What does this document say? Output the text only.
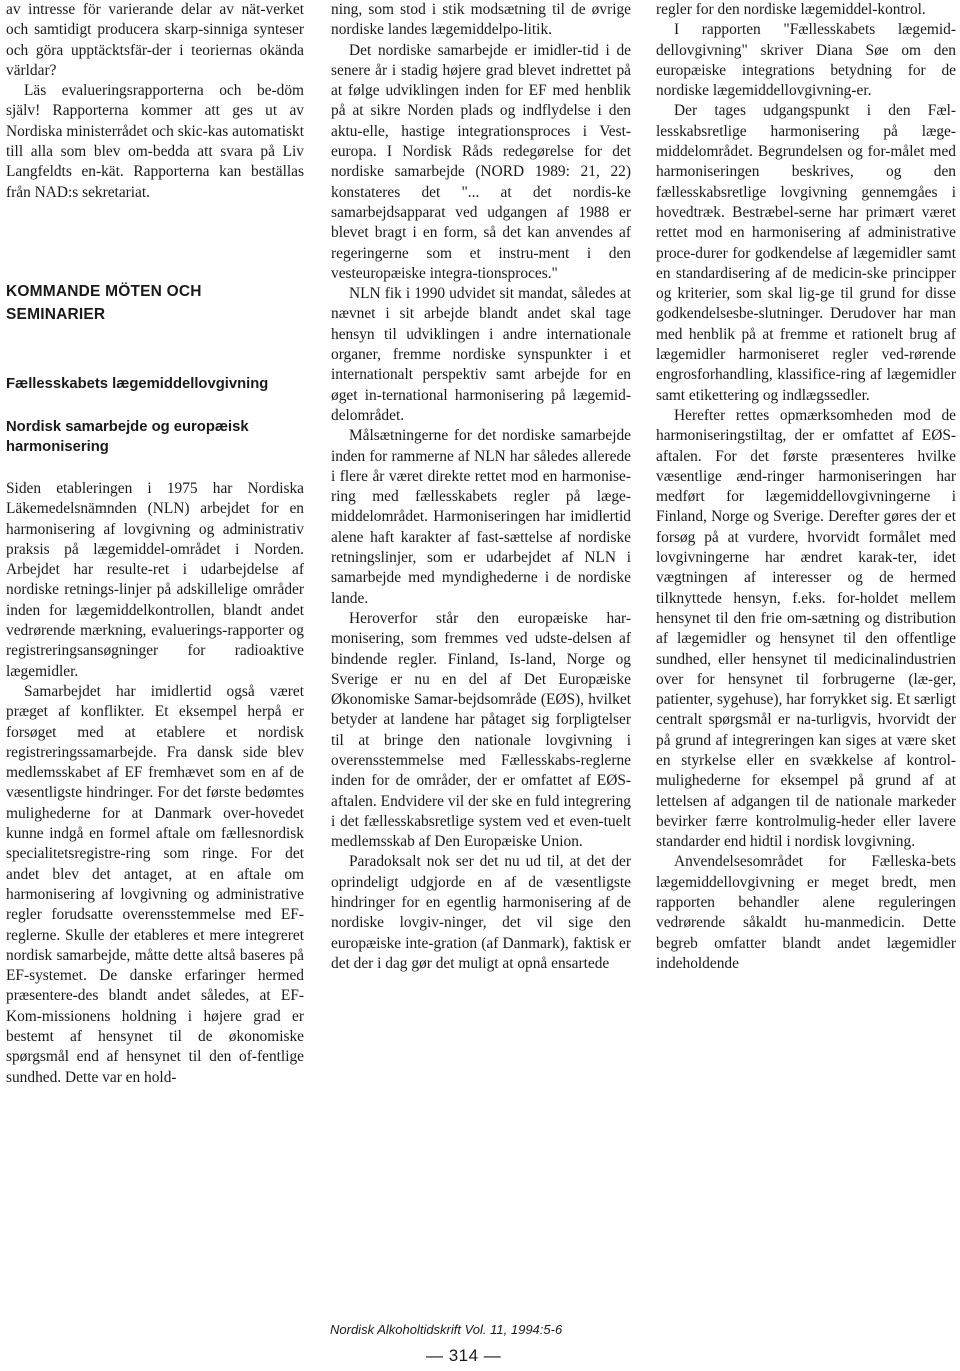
av intresse för varierande delar av nät-verket och samtidigt producera skarp-sinniga synteser och göra upptäcktsfär-der i teoriernas okända världar?

Läs evalueringsrapporterna och be-döm själv! Rapporterna kommer att ges ut av Nordiska ministerrådet och skic-kas automatiskt till alla som blev om-bedda att svara på Liv Langfeldts en-kät. Rapporterna kan beställas från NAD:s sekretariat.

KOMMANDE MÖTEN OCH SEMINARIER

Fællesskabets lægemiddellovgivning

Nordisk samarbejde og europæisk harmonisering

Siden etableringen i 1975 har Nordiska Läkemedelsnämnden (NLN) arbejdet for en harmonisering af lovgivning og administrativ praksis på lægemiddel-området i Norden. Arbejdet har resulte-ret i udarbejdelse af nordiske retnings-linjer på adskillelige områder inden for lægemiddelkontrollen, blandt andet vedrørende mærkning, evaluerings-rapporter og registreringsansøgninger for radioaktive lægemidler.

Samarbejdet har imidlertid også været præget af konflikter. Et eksempel herpå er forsøget med at etablere et nordisk registreringssamarbejde. Fra dansk side blev medlemsskabet af EF fremhævet som en af de væsentligste hindringer. For det første bedømtes mulighederne for at Danmark over-hovedet kunne indgå en formel aftale om fællesnordisk specialitetsregistre-ring som ringe. For det andet blev det antaget, at en aftale om harmonisering af lovgivning og administrative regler forudsatte overensstemmelse med EF-reglerne. Skulle der etableres et mere integreret nordisk samarbejde, måtte dette altså baseres på EF-systemet. De danske erfaringer hermed præsentere-des blandt andet således, at EF-Kom-missionens holdning i højere grad er bestemt af hensynet til de økonomiske spørgsmål end af hensynet til den of-fentlige sundhed. Dette var en hold-

ning, som stod i stik modsætning til de øvrige nordiske landes lægemiddelpo-litik.

Det nordiske samarbejde er imidler-tid i de senere år i stadig højere grad blevet indrettet på at følge udviklingen inden for EF med henblik på at sikre Norden plads og indflydelse i den aktu-elle, hastige integrationsproces i Vest-europa. I Nordisk Råds redegørelse for det nordiske samarbejde (NORD 1989: 21, 22) konstateres det "... at det nordis-ke samarbejdsapparat ved udgangen af 1988 er blevet bragt i en form, så det kan anvendes af regeringerne som et instru-ment i den vesteuropæiske integra-tionsproces."

NLN fik i 1990 udvidet sit mandat, således at nævnet i sit arbejde blandt andet skal tage hensyn til udviklingen i andre internationale organer, fremme nordiske synspunkter i et internationalt perspektiv samt arbejde for en øget in-ternational harmonisering på lægemid-delområdet.

Målsætningerne for det nordiske samarbejde inden for rammerne af NLN har således allerede i flere år været direkte rettet mod en harmonise-ring med fællesskabets regler på læge-middelområdet. Harmoniseringen har imidlertid alene haft karakter af fast-sættelse af nordiske retningslinjer, som er udarbejdet af NLN i samarbejde med myndighederne i de nordiske lande.

Heroverfor står den europæiske har-monisering, som fremmes ved udste-delsen af bindende regler. Finland, Is-land, Norge og Sverige er nu en del af Det Europæiske Økonomiske Samar-bejdsområde (EØS), hvilket betyder at landene har påtaget sig forpligtelser til at bringe den nationale lovgivning i overensstemmelse med Fællesskabs-reglerne inden for de områder, der er omfattet af EØS-aftalen. Endvidere vil der ske en fuld integrering i det fællesskabsretlige system ved et even-tuelt medlemsskab af Den Europæiske Union.

Paradoksalt nok ser det nu ud til, at det der oprindeligt udgjorde en af de væsentligste hindringer for en egentlig harmonisering af de nordiske lovgiv-ninger, det vil sige den europæiske inte-gration (af Danmark), faktisk er det der i dag gør det muligt at opnå ensartede

regler for den nordiske lægemiddel-kontrol.

I rapporten "Fællesskabets lægemid-dellovgivning" skriver Diana Søe om den europæiske integrations betydning for de nordiske lægemiddellovgivning-er.

Der tages udgangspunkt i den Fæl-lesskabsretlige harmonisering på læge-middelområdet. Begrundelsen og for-målet med harmoniseringen beskrives, og den fællesskabsretlige lovgivning gennemgåes i hovedtræk. Bestræbel-serne har primært været rettet mod en harmonisering af administrative proce-durer for godkendelse af lægemidler samt en standardisering af de medicin-ske principper og kriterier, som skal lig-ge til grund for disse godkendelsesbe-slutninger. Derudover har man med henblik på at fremme et rationelt brug af lægemidler harmoniseret regler ved-rørende engrosforhandling, klassifice-ring af lægemidler samt etikettering og indlægssedler.

Herefter rettes opmærksomheden mod de harmoniseringstiltag, der er omfattet af EØS-aftalen. For det første præsenteres hvilke væsentlige ænd-ringer harmoniseringen har medført for lægemiddellovgivningerne i Finland, Norge og Sverige. Derefter gøres der et forsøg på at vurdere, hvorvidt formålet med lovgivningerne har ændret karak-ter, idet vægtningen af interesser og de hermed tilknyttede hensyn, f.eks. for-holdet mellem hensynet til den frie om-sætning og distribution af lægemidler og hensynet til den offentlige sundhed, eller hensynet til medicinalindustrien over for hensynet til forbrugerne (læ-ger, patienter, sygehuse), har forrykket sig. Et særligt centralt spørgsmål er na-turligvis, hvorvidt der på grund af integreringen kan siges at være sket en styrkelse eller en svækkelse af kontrol-mulighederne for eksempel på grund af at lettelsen af adgangen til de nationale markeder bevirker færre kontrolmulig-heder eller lavere standarder end hidtil i nordisk lovgivning.

Anvendelsesområdet for Fælleska-bets lægemiddellovgivning er meget bredt, men rapporten behandler alene reguleringen vedrørende såkaldt hu-manmedicin. Dette begreb omfatter blandt andet lægemidler indeholdende

Nordisk Alkoholtidskrift Vol. 11, 1994:5-6
— 314 —
